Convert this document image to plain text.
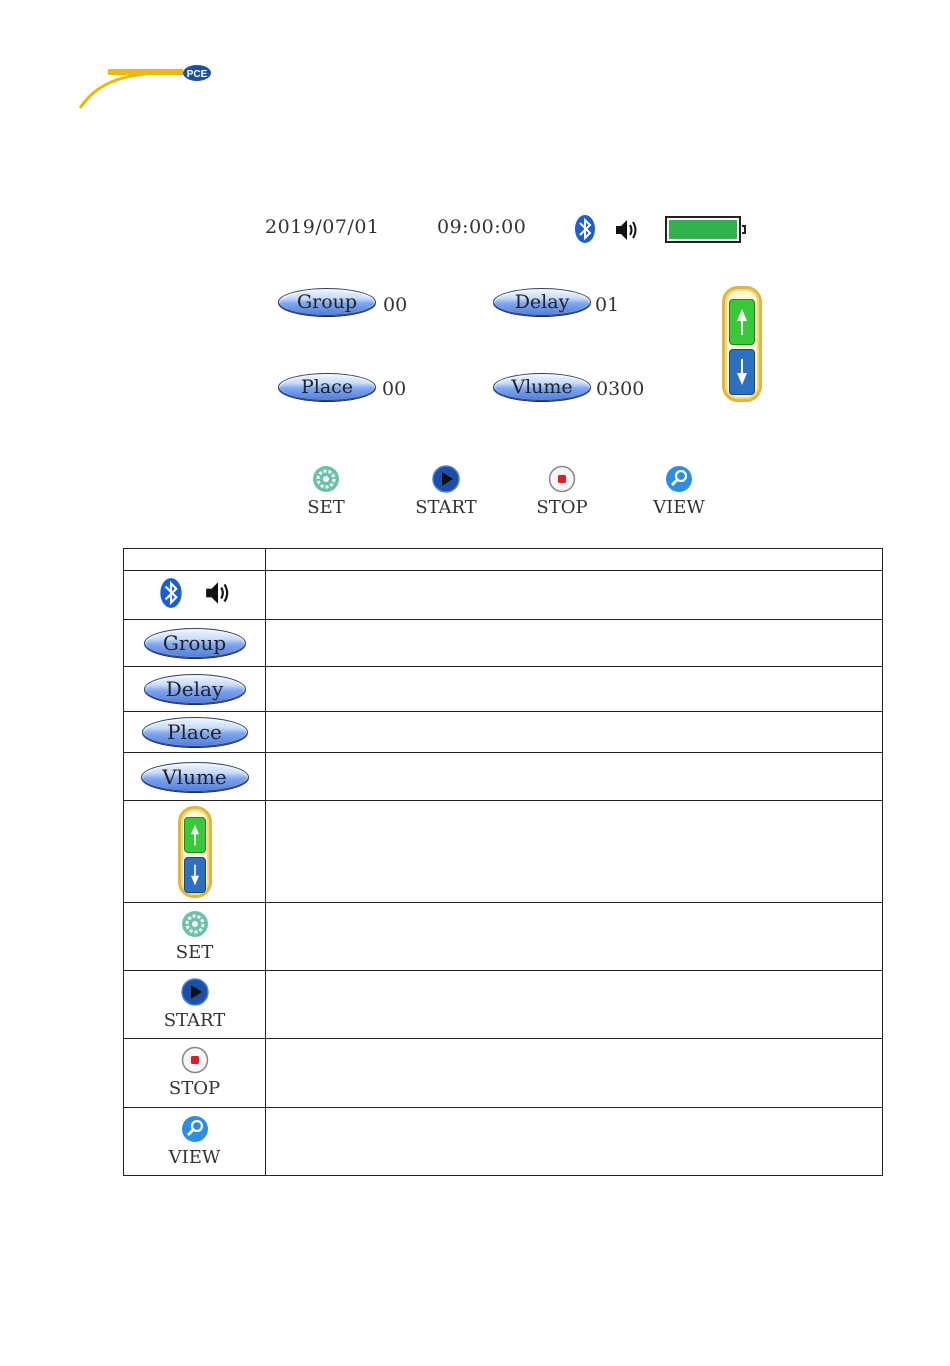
PCE
2019/07/01	09:00:00
Group	00	Delay	01
Place	00	Vlume	0300
SET	START	STOP	VIEW

Group	

Delay	

Place	

Vlume	

SET	

START	

STOP	

VIEW	
